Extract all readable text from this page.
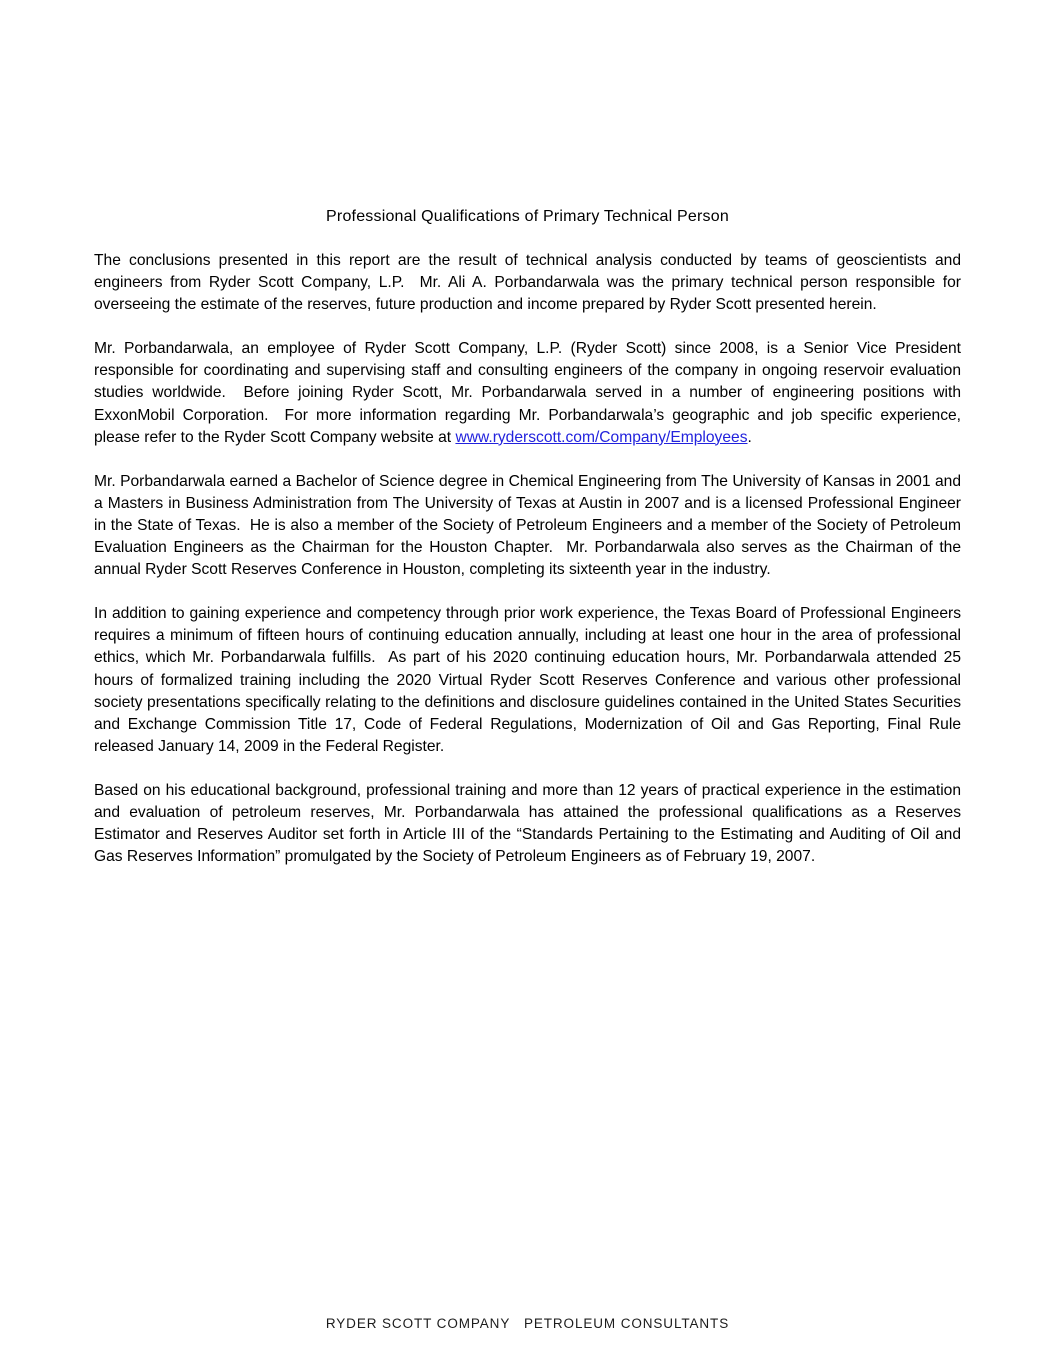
Professional Qualifications of Primary Technical Person

The conclusions presented in this report are the result of technical analysis conducted by teams of geoscientists and engineers from Ryder Scott Company, L.P.  Mr. Ali A. Porbandarwala was the primary technical person responsible for overseeing the estimate of the reserves, future production and income prepared by Ryder Scott presented herein.

Mr. Porbandarwala, an employee of Ryder Scott Company, L.P. (Ryder Scott) since 2008, is a Senior Vice President responsible for coordinating and supervising staff and consulting engineers of the company in ongoing reservoir evaluation studies worldwide.  Before joining Ryder Scott, Mr. Porbandarwala served in a number of engineering positions with ExxonMobil Corporation.  For more information regarding Mr. Porbandarwala’s geographic and job specific experience, please refer to the Ryder Scott Company website at www.ryderscott.com/Company/Employees.

Mr. Porbandarwala earned a Bachelor of Science degree in Chemical Engineering from The University of Kansas in 2001 and a Masters in Business Administration from The University of Texas at Austin in 2007 and is a licensed Professional Engineer in the State of Texas.  He is also a member of the Society of Petroleum Engineers and a member of the Society of Petroleum Evaluation Engineers as the Chairman for the Houston Chapter.  Mr. Porbandarwala also serves as the Chairman of the annual Ryder Scott Reserves Conference in Houston, completing its sixteenth year in the industry.

In addition to gaining experience and competency through prior work experience, the Texas Board of Professional Engineers requires a minimum of fifteen hours of continuing education annually, including at least one hour in the area of professional ethics, which Mr. Porbandarwala fulfills.  As part of his 2020 continuing education hours, Mr. Porbandarwala attended 25 hours of formalized training including the 2020 Virtual Ryder Scott Reserves Conference and various other professional society presentations specifically relating to the definitions and disclosure guidelines contained in the United States Securities and Exchange Commission Title 17, Code of Federal Regulations, Modernization of Oil and Gas Reporting, Final Rule released January 14, 2009 in the Federal Register.

Based on his educational background, professional training and more than 12 years of practical experience in the estimation and evaluation of petroleum reserves, Mr. Porbandarwala has attained the professional qualifications as a Reserves Estimator and Reserves Auditor set forth in Article III of the “Standards Pertaining to the Estimating and Auditing of Oil and Gas Reserves Information” promulgated by the Society of Petroleum Engineers as of February 19, 2007.

RYDER SCOTT COMPANY   PETROLEUM CONSULTANTS
